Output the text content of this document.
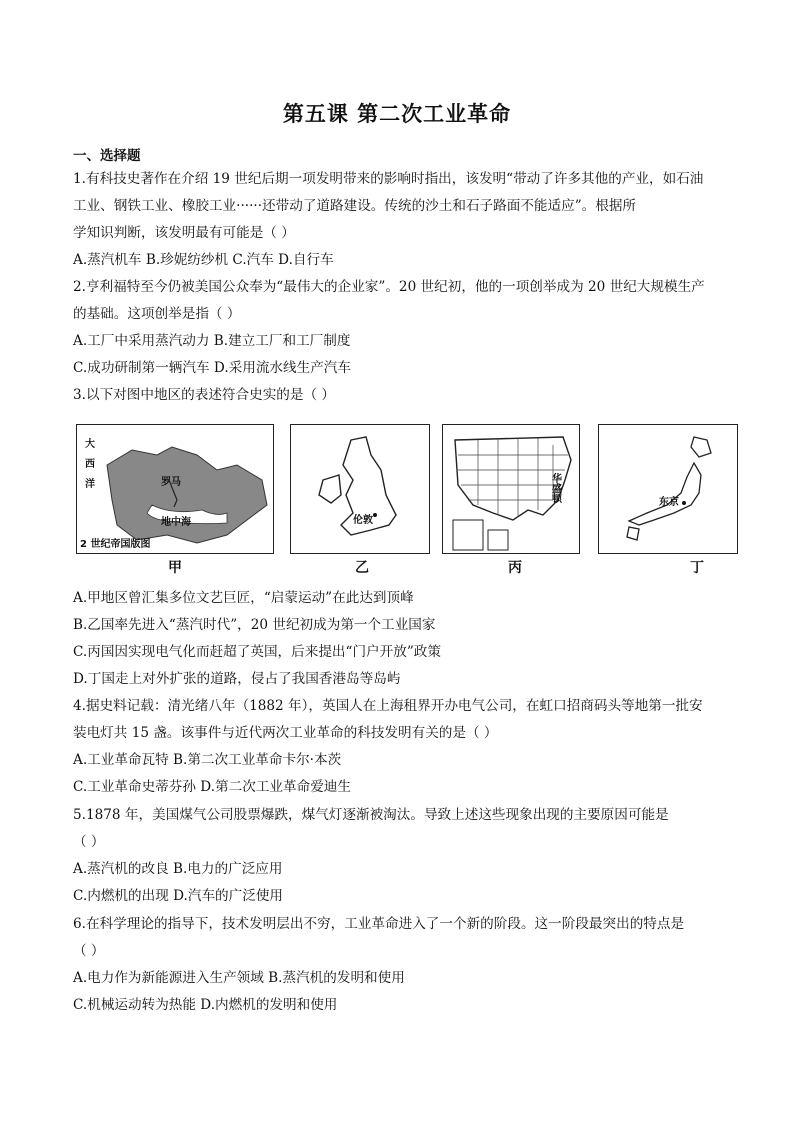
第五课 第二次工业革命
一、选择题
1.有科技史著作在介绍 19 世纪后期一项发明带来的影响时指出，该发明“带动了许多其他的产业，如石油
工业、钢铁工业、橡胶工业······还带动了道路建设。传统的沙土和石子路面不能适应”。根据所
学知识判断，该发明最有可能是（ ）
A.蒸汽机车 B.珍妮纺纱机 C.汽车 D.自行车
2.亨利福特至今仍被美国公众奉为“最伟大的企业家”。20 世纪初，他的一项创举成为 20 世纪大规模生产
的基础。这项创举是指（ ）
A.工厂中采用蒸汽动力 B.建立工厂和工厂制度
C.成功研制第一辆汽车 D.采用流水线生产汽车
3.以下对图中地区的表述符合史实的是（ ）
大
西
洋	罗马
地中海
2 世纪帝国版图
甲
伦敦
乙
华盛顿
丙
东京
丁
A.甲地区曾汇集多位文艺巨匠，“启蒙运动”在此达到顶峰
B.乙国率先进入“蒸汽时代”，20 世纪初成为第一个工业国家
C.丙国因实现电气化而赶超了英国，后来提出“门户开放”政策
D.丁国走上对外扩张的道路，侵占了我国香港岛等岛屿
4.据史料记载：清光绪八年（1882 年），英国人在上海租界开办电气公司，在虹口招商码头等地第一批安
装电灯共 15 盏。该事件与近代两次工业革命的科技发明有关的是（ ）
A.工业革命瓦特 B.第二次工业革命卡尔·本茨
C.工业革命史蒂芬孙 D.第二次工业革命爱迪生
5.1878 年，美国煤气公司股票爆跌，煤气灯逐渐被淘汰。导致上述这些现象出现的主要原因可能是
（ ）
A.蒸汽机的改良 B.电力的广泛应用
C.内燃机的出现 D.汽车的广泛使用
6.在科学理论的指导下，技术发明层出不穷，工业革命进入了一个新的阶段。这一阶段最突出的特点是
（ ）
A.电力作为新能源进入生产领域 B.蒸汽机的发明和使用
C.机械运动转为热能 D.内燃机的发明和使用
